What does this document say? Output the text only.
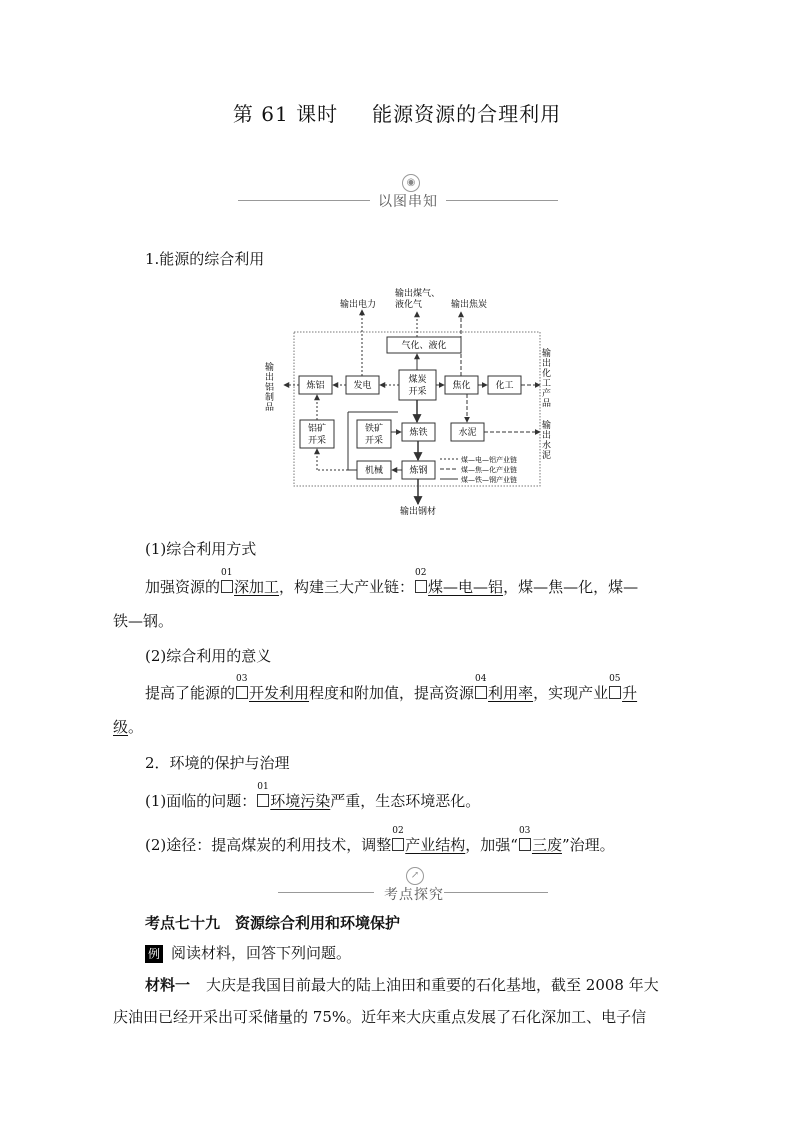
第 61 课时 能源资源的合理利用
◉
以图串知
1.能源的综合利用
输出电力
输出煤气、
液化气	输出焦炭
气化、液化
煤炭
开采
炼铝	发电	焦化	化工
铝矿
开采
铁矿
开采
炼铁	水泥
机械	炼钢
输出铝制品	输出化工产品
输出水泥
输出钢材
煤—电—铝产业链
煤—焦—化产业链
煤—铁—钢产业链
(1)综合利用方式
加强资源的
01
深加工，构建三大产业链：
02
煤—电—铝，煤—焦—化，煤—
铁—钢。
(2)综合利用的意义
提高了能源的
03
开发利用程度和附加值，提高资源
04
利用率，实现产业
05
升
级。
2．环境的保护与治理
(1)面临的问题：
01
环境污染严重，生态环境恶化。
(2)途径：提高煤炭的利用技术，调整
02
产业结构，加强“
03
三废”治理。
↗
考点探究
考点七十九　资源综合利用和环境保护
例 阅读材料，回答下列问题。
材料一 大庆是我国目前最大的陆上油田和重要的石化基地，截至 2008 年大
庆油田已经开采出可采储量的 75%。近年来大庆重点发展了石化深加工、电子信
